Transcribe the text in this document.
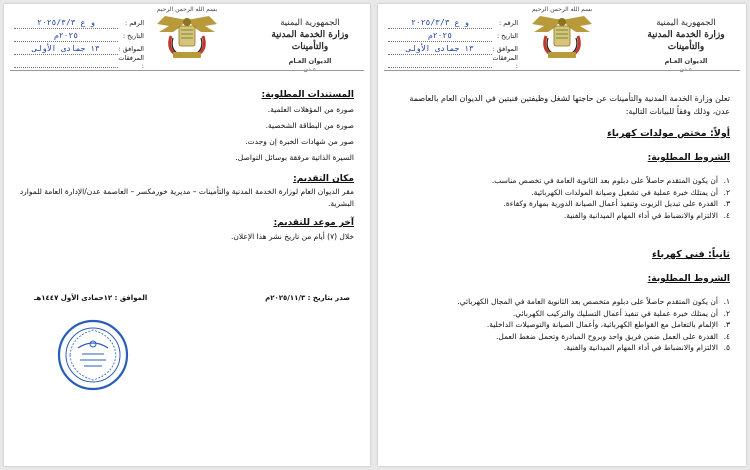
الجمهورية اليمنية
وزارة الخدمة المدنية والتأمينات
الديوان العـام
عـدن
بسم الله الرحمن الرحيم
الرقم :
و ع ٢٠٢٥/٣/٣
التاريخ :
٢٠٢٥م
الموافق :
١٣ جمادى الأولى
المرفقات :

المستندات المطلوبة:

صورة من المؤهلات العلمية.
صورة من البطاقة الشخصية.
صور من شهادات الخبرة إن وجدت.
السيرة الذاتية مرفقة بوسائل التواصل.

مكان التقديم:

مقر الديوان العام لوزارة الخدمة المدنية والتأمينات – مديرية خورمكسر – العاصمة عدن/الإدارة العامة للموارد البشرية.

آخر موعد للتقديم:

خلال (٧) أيام من تاريخ نشر هذا الإعلان.

صدر بتاريخ : ٢٠٢٥/١١/٣م

الموافق : ١٢جمادى الأول ١٤٤٧هـ

الجمهورية اليمنية
وزارة الخدمة المدنية والتأمينات
الديوان العـام
عـدن
بسم الله الرحمن الرحيم
الرقم :
و ع ٢٠٢٥/٣/٣
التاريخ :
٢٠٢٥م
الموافق :
١٣ جمادى الأولى
المرفقات :

تعلن وزارة الخدمة المدنية والتأمينات عن حاجتها لشغل وظيفتين فنيتين في الديوان العام بالعاصمة عدن، وذلك وفقاً للبيانات التالية:

أولاً: مختص مولدات كهرباء

الشروط المطلوبة:

١.
أن يكون المتقدم حاصلاً على دبلوم بعد الثانوية العامة في تخصص مناسب.
٢.
أن يمتلك خبرة عملية في تشغيل وصيانة المولدات الكهربائية.
٣.
القدرة على تبديل الزيوت وتنفيذ أعمال الصيانة الدورية بمهارة وكفاءة.
٤.
الالتزام والانضباط في أداء المهام الميدانية والفنية.

ثانياً: فني كهرباء

الشروط المطلوبة:

١.
أن يكون المتقدم حاصلاً على دبلوم متخصص بعد الثانوية العامة في المجال الكهربائي.
٢.
أن يمتلك خبرة عملية في تنفيذ أعمال التسليك والتركيب الكهربائي.
٣.
الإلمام بالتعامل مع القواطع الكهربائية، وأعمال الصيانة والتوصيلات الداخلية.
٤.
القدرة على العمل ضمن فريق واحد وبروح المبادرة وتحمل ضغط العمل.
٥.
الالتزام والانضباط في أداء المهام الميدانية والفنية.
